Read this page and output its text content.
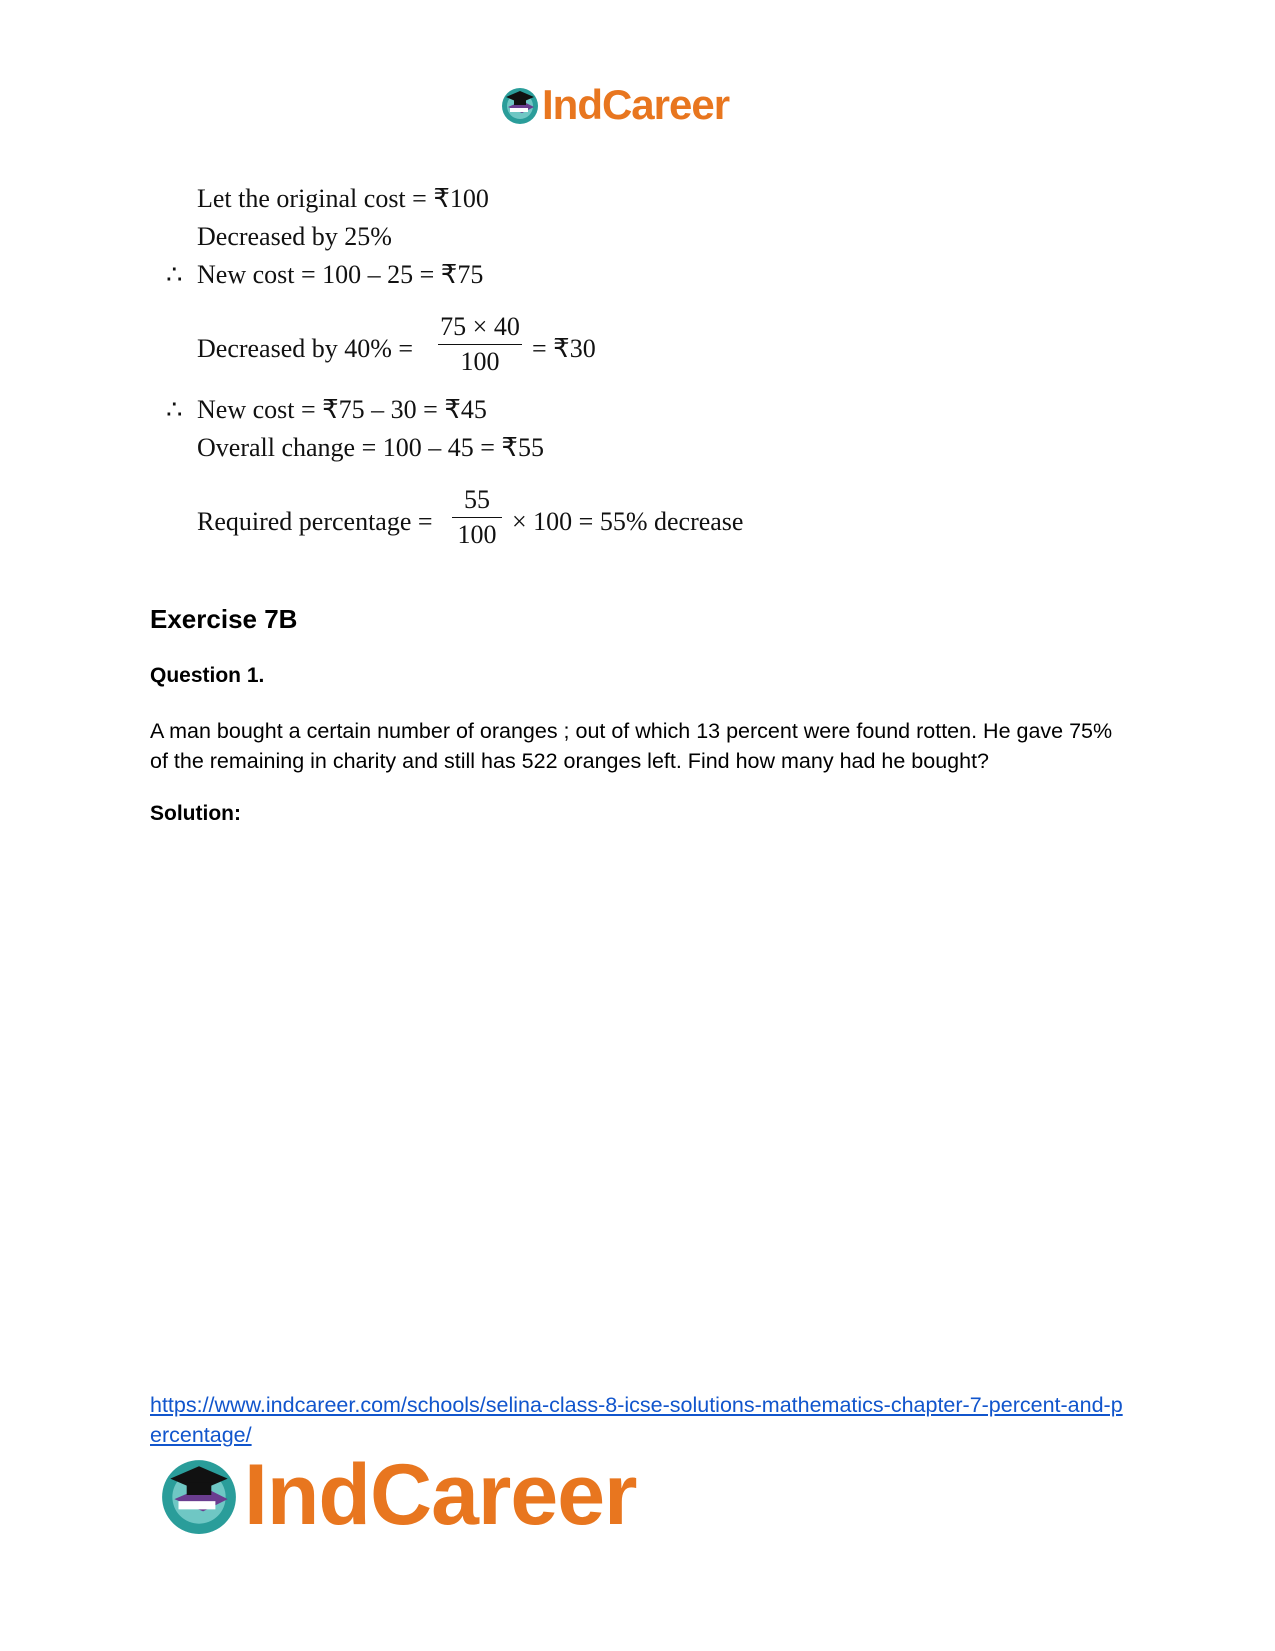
IndCareer
Let the original cost = ₹100
Decreased by 25%
∴ New cost = 100 – 25 = ₹75
Decreased by 40% =
75 × 40
100	= ₹30
∴ New cost = ₹75 – 30 = ₹45
Overall change = 100 – 45 = ₹55
Required percentage =
55
100 × 100 = 55% decrease
Exercise 7B
Question 1.
A man bought a certain number of oranges ; out of which 13 percent were found rotten. He gave 75% of the remaining in charity and still has 522 oranges left. Find how many had he bought?
Solution:
https://www.indcareer.com/schools/selina-class-8-icse-solutions-mathematics-chapter-7-percent-and-percentage/
IndCareer
